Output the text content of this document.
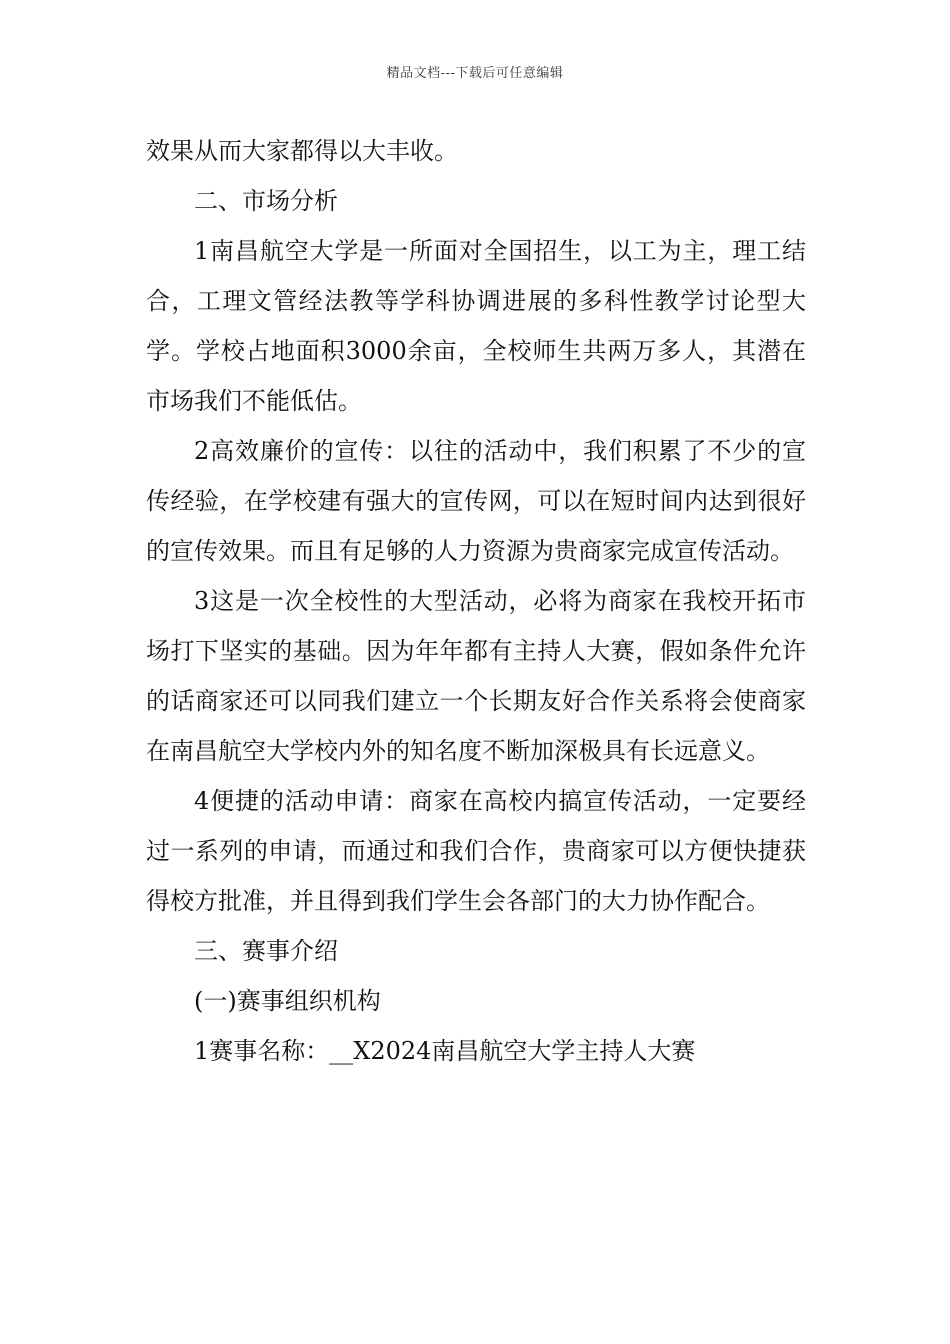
精品文档---下载后可任意编辑

效果从而大家都得以大丰收。

二、市场分析

1南昌航空大学是一所面对全国招生，以工为主，理工结合，工理文管经法教等学科协调进展的多科性教学讨论型大学。学校占地面积3000余亩，全校师生共两万多人，其潜在市场我们不能低估。

2高效廉价的宣传：以往的活动中，我们积累了不少的宣传经验，在学校建有强大的宣传网，可以在短时间内达到很好的宣传效果。而且有足够的人力资源为贵商家完成宣传活动。

3这是一次全校性的大型活动，必将为商家在我校开拓市场打下坚实的基础。因为年年都有主持人大赛，假如条件允许的话商家还可以同我们建立一个长期友好合作关系将会使商家在南昌航空大学校内外的知名度不断加深极具有长远意义。

4便捷的活动申请：商家在高校内搞宣传活动，一定要经过一系列的申请，而通过和我们合作，贵商家可以方便快捷获得校方批准，并且得到我们学生会各部门的大力协作配合。

三、赛事介绍

(一)赛事组织机构

1赛事名称：__X2024南昌航空大学主持人大赛
